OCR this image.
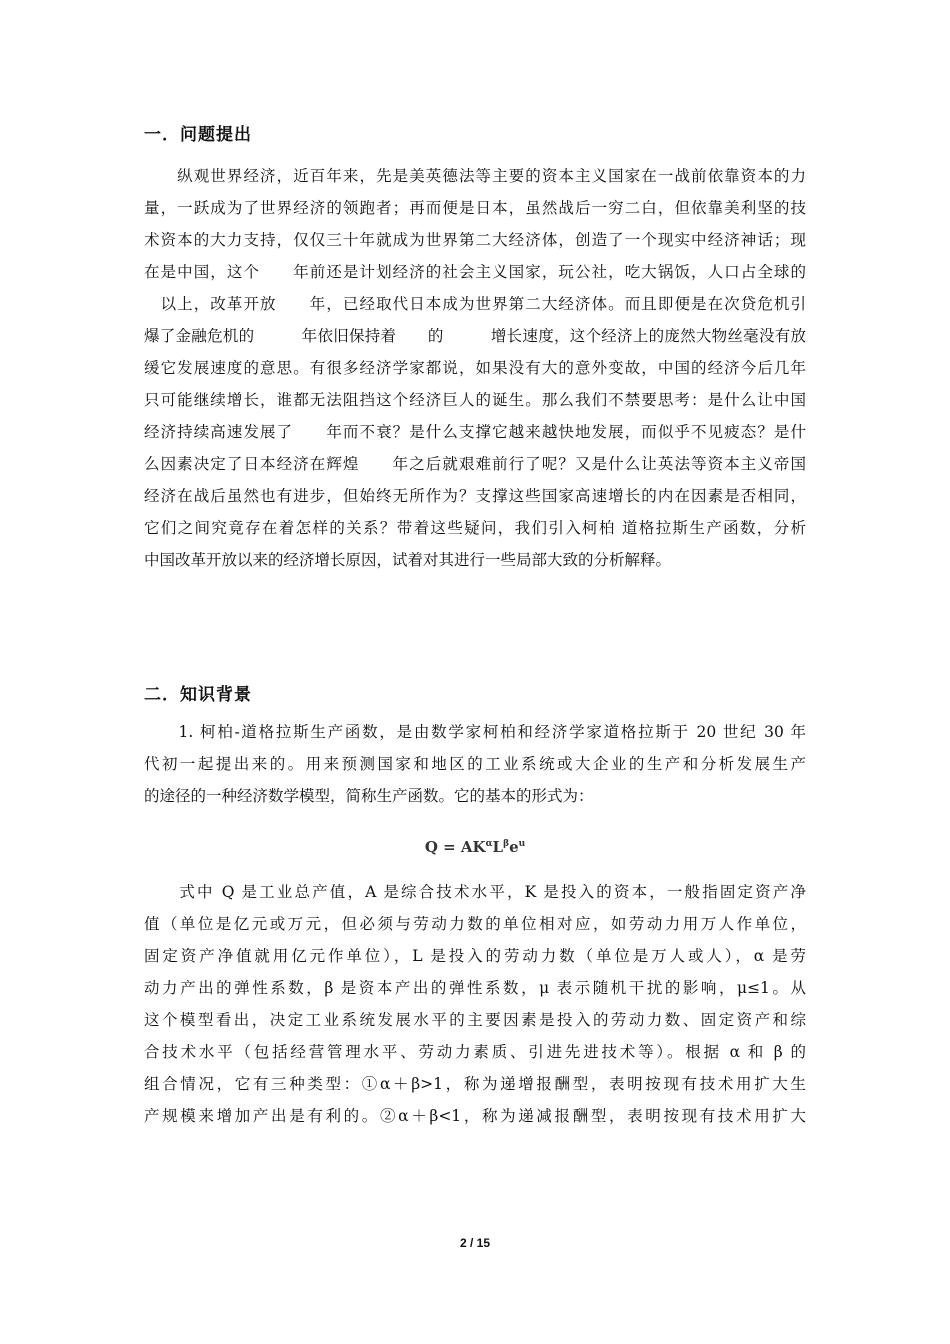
一．问题提出
　　纵观世界经济，近百年来，先是美英德法等主要的资本主义国家在一战前依靠资本的力
量，一跃成为了世界经济的领跑者；再而便是日本，虽然战后一穷二白，但依靠美利坚的技
术资本的大力支持，仅仅三十年就成为世界第二大经济体，创造了一个现实中经济神话；现
在是中国，这个　　年前还是计划经济的社会主义国家，玩公社，吃大锅饭，人口占全球的
　以上，改革开放　　年，已经取代日本成为世界第二大经济体。而且即便是在次贷危机引
爆了金融危机的　　　年依旧保持着　　的　　　增长速度，这个经济上的庞然大物丝毫没有放
缓它发展速度的意思。有很多经济学家都说，如果没有大的意外变故，中国的经济今后几年
只可能继续增长，谁都无法阻挡这个经济巨人的诞生。那么我们不禁要思考：是什么让中国
经济持续高速发展了　　年而不衰？是什么支撑它越来越快地发展，而似乎不见疲态？是什
么因素决定了日本经济在辉煌　　年之后就艰难前行了呢？又是什么让英法等资本主义帝国
经济在战后虽然也有进步，但始终无所作为？支撑这些国家高速增长的内在因素是否相同，
它们之间究竟存在着怎样的关系？带着这些疑问，我们引入柯柏 道格拉斯生产函数，分析
中国改革开放以来的经济增长原因，试着对其进行一些局部大致的分析解释。
二．知识背景
　　1. 柯柏-道格拉斯生产函数，是由数学家柯柏和经济学家道格拉斯于 20 世纪 30 年
代初一起提出来的。用来预测国家和地区的工业系统或大企业的生产和分析发展生产
的途径的一种经济数学模型，简称生产函数。它的基本的形式为：
$Q = AK^\alpha L^\beta e^u$
　　式中 Q 是工业总产值，A 是综合技术水平，K 是投入的资本，一般指固定资产净
值（单位是亿元或万元，但必须与劳动力数的单位相对应，如劳动力用万人作单位，
固定资产净值就用亿元作单位），L 是投入的劳动力数（单位是万人或人），α 是劳
动力产出的弹性系数，β 是资本产出的弹性系数，μ 表示随机干扰的影响，μ≤1。从
这个模型看出，决定工业系统发展水平的主要因素是投入的劳动力数、固定资产和综
合技术水平（包括经营管理水平、劳动力素质、引进先进技术等）。根据 α 和 β 的
组合情况，它有三种类型：①α＋β>1，称为递增报酬型，表明按现有技术用扩大生
产规模来增加产出是有利的。②α＋β<1，称为递减报酬型，表明按现有技术用扩大
2 / 15
